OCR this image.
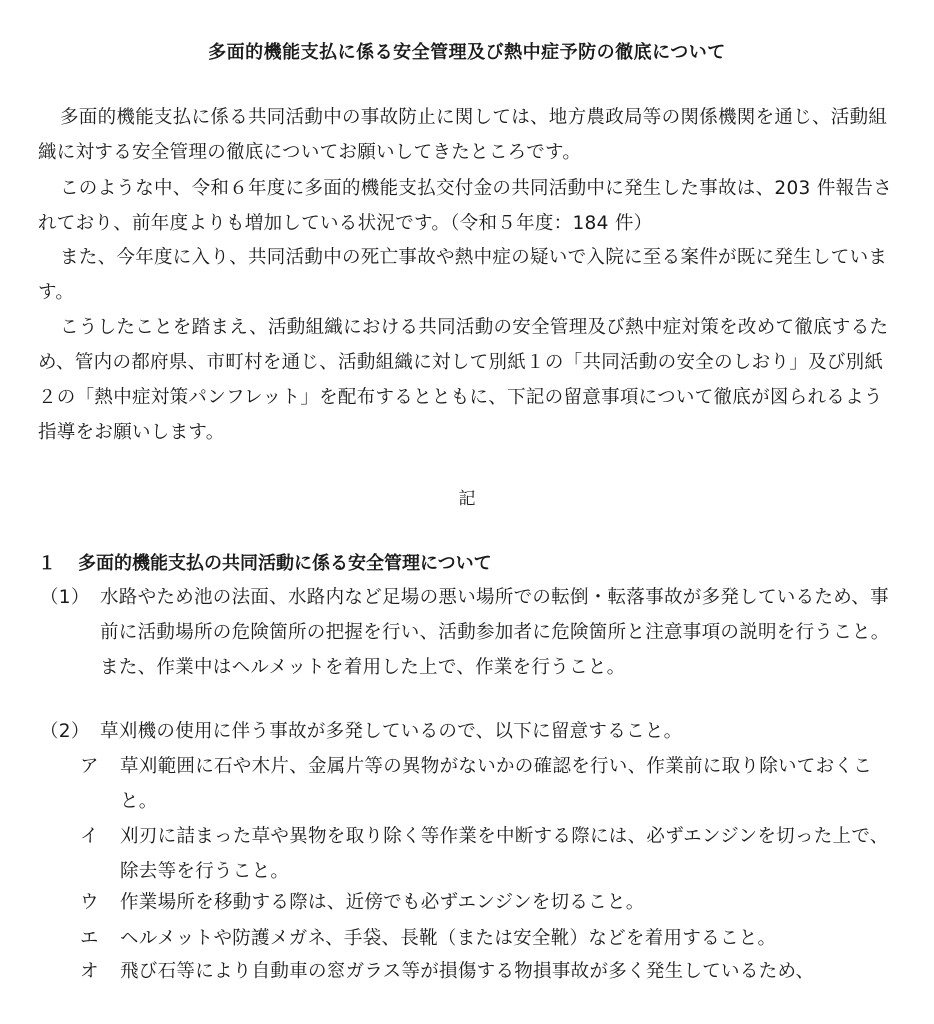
多面的機能支払に係る安全管理及び熱中症予防の徹底について
多面的機能支払に係る共同活動中の事故防止に関しては、地方農政局等の関係機関を通じ、活動組織に対する安全管理の徹底についてお願いしてきたところです。
このような中、令和６年度に多面的機能支払交付金の共同活動中に発生した事故は、203 件報告されており、前年度よりも増加している状況です。（令和５年度：184 件）
また、今年度に入り、共同活動中の死亡事故や熱中症の疑いで入院に至る案件が既に発生しています。
こうしたことを踏まえ、活動組織における共同活動の安全管理及び熱中症対策を改めて徹底するため、管内の都府県、市町村を通じ、活動組織に対して別紙１の「共同活動の安全のしおり」及び別紙２の「熱中症対策パンフレット」を配布するとともに、下記の留意事項について徹底が図られるよう指導をお願いします。
記
１ 多面的機能支払の共同活動に係る安全管理について
（1） 水路やため池の法面、水路内など足場の悪い場所での転倒・転落事故が多発しているため、事前に活動場所の危険箇所の把握を行い、活動参加者に危険箇所と注意事項の説明を行うこと。また、作業中はヘルメットを着用した上で、作業を行うこと。
（2） 草刈機の使用に伴う事故が多発しているので、以下に留意すること。
ア	草刈範囲に石や木片、金属片等の異物がないかの確認を行い、作業前に取り除いておくこと。
イ	刈刃に詰まった草や異物を取り除く等作業を中断する際には、必ずエンジンを切った上で、除去等を行うこと。
ウ	作業場所を移動する際は、近傍でも必ずエンジンを切ること。
エ	ヘルメットや防護メガネ、手袋、長靴（または安全靴）などを着用すること。
オ	飛び石等により自動車の窓ガラス等が損傷する物損事故が多く発生しているため、
